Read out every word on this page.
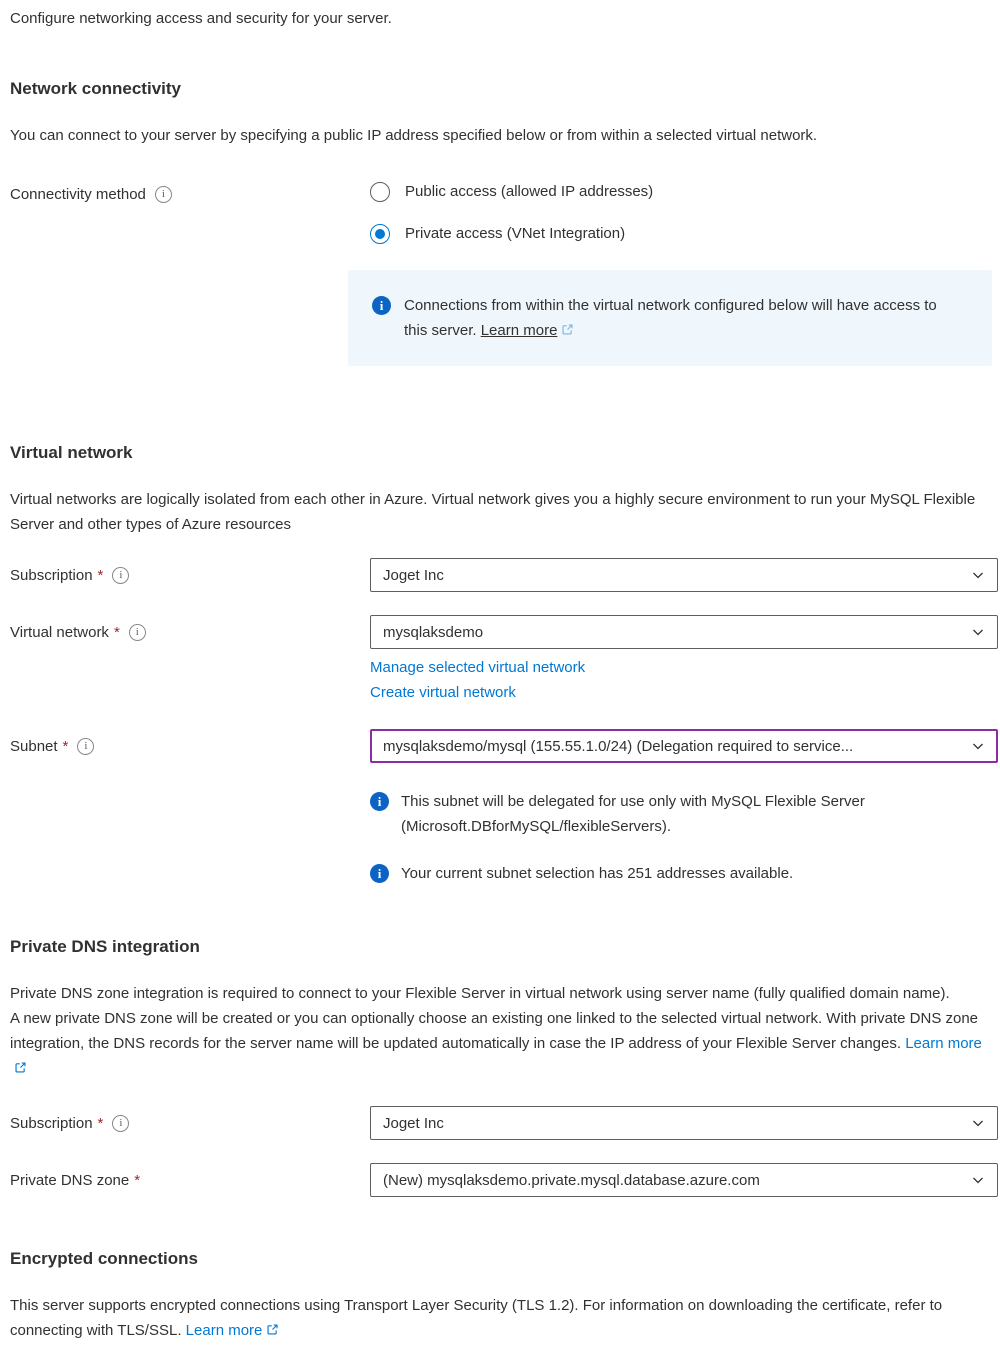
Configure networking access and security for your server.

Network connectivity

You can connect to your server by specifying a public IP address specified below or from within a selected virtual network.

Connectivity method	i	Public access (allowed IP addresses)
Private access (VNet Integration)
i	Connections from within the virtual network configured below will have access to this server. Learn more
Virtual network

Virtual networks are logically isolated from each other in Azure. Virtual network gives you a highly secure environment to run your MySQL Flexible Server and other types of Azure resources

Subscription *	i	Joget Inc
Virtual network *	i	mysqlaksdemo
Manage selected virtual network
Create virtual network
Subnet *	i	mysqlaksdemo/mysql (155.55.1.0/24) (Delegation required to service...
i	This subnet will be delegated for use only with MySQL Flexible Server (Microsoft.DBforMySQL/flexibleServers).
i	Your current subnet selection has 251 addresses available.
Private DNS integration

Private DNS zone integration is required to connect to your Flexible Server in virtual network using server name (fully qualified domain name).
A new private DNS zone will be created or you can optionally choose an existing one linked to the selected virtual network. With private DNS zone integration, the DNS records for the server name will be updated automatically in case the IP address of your Flexible Server changes. Learn more

Subscription *	i	Joget Inc
Private DNS zone *	(New) mysqlaksdemo.private.mysql.database.azure.com
Encrypted connections

This server supports encrypted connections using Transport Layer Security (TLS 1.2). For information on downloading the certificate, refer to connecting with TLS/SSL. Learn more
